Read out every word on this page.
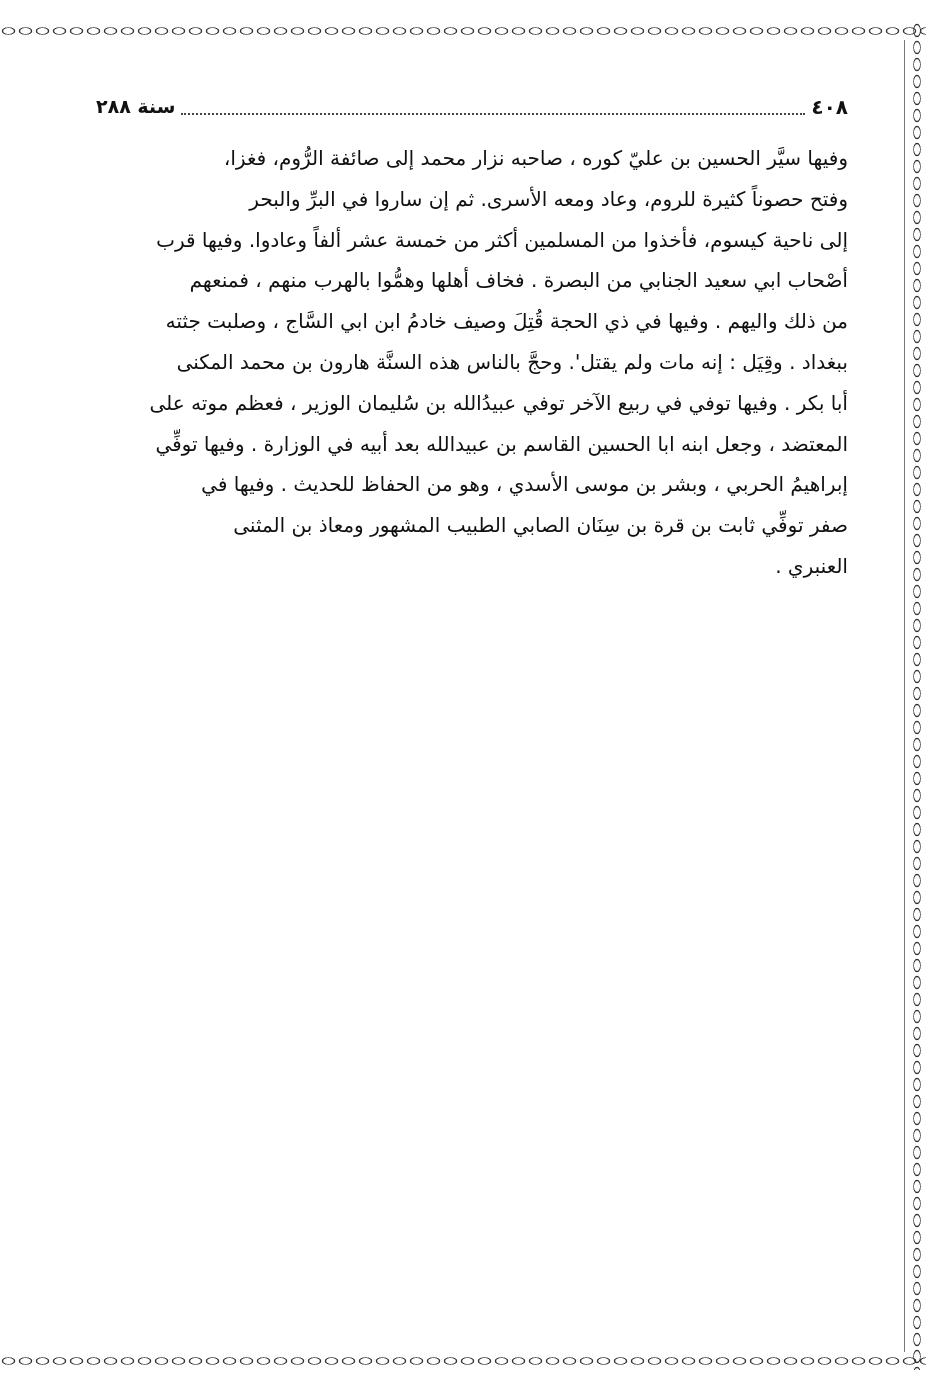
٤٠٨
سنة ٢٨٨

وفيها سيَّر الحسين بن عليّ كوره ، صاحبه نزار محمد إلى صائفة الرُّوم، فغزا،
وفتح حصوناً كثيرة للروم، وعاد ومعه الأسرى. ثم إن ساروا في البرِّ والبحر
إلى ناحية كيسوم، فأخذوا من المسلمين أكثر من خمسة عشر ألفاً وعادوا. وفيها قرب
أصْحاب ابي سعيد الجنابي من البصرة . فخاف أهلها وهمُّوا بالهرب منهم ، فمنعهم
من ذلك واليهم . وفيها في ذي الحجة قُتِلَ وصيف خادمُ ابن ابي السَّاج ، وصلبت جثته
ببغداد . وقِيَل : إنه مات ولم يقتل'. وحجَّ بالناس هذه السنَّة هارون بن محمد المكنى
أبا بكر . وفيها توفي في ربيع الآخر توفي عبيدُالله بن سُليمان الوزير ، فعظم موته على
المعتضد ، وجعل ابنه ابا الحسين القاسم بن عبيدالله بعد أبيه في الوزارة . وفيها توفِّي
إبراهيمُ الحربي ، وبشر بن موسى الأسدي ، وهو من الحفاظ للحديث . وفيها في
صفر توفِّي ثابت بن قرة بن سِنَان الصابي الطبيب المشهور ومعاذ بن المثنى
العنبري .
